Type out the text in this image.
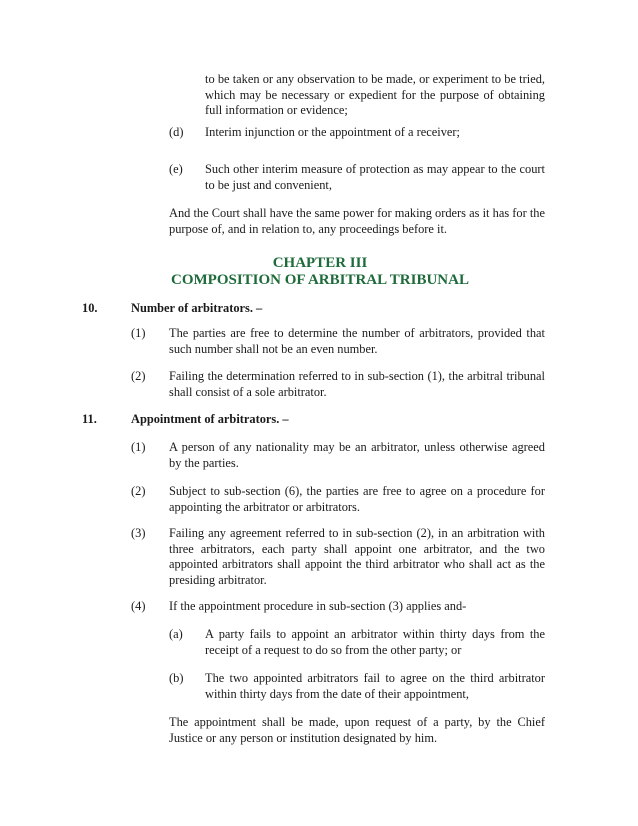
to be taken or any observation to be made, or experiment to be tried, which may be necessary or expedient for the purpose of obtaining full information or evidence;
(d) Interim injunction or the appointment of a receiver;
(e) Such other interim measure of protection as may appear to the court to be just and convenient,
And the Court shall have the same power for making orders as it has for the purpose of, and in relation to, any proceedings before it.
CHAPTER III
COMPOSITION OF ARBITRAL TRIBUNAL
10.	Number of arbitrators. –
(1) The parties are free to determine the number of arbitrators, provided that such number shall not be an even number.
(2) Failing the determination referred to in sub-section (1), the arbitral tribunal shall consist of a sole arbitrator.
11.	Appointment of arbitrators. –
(1) A person of any nationality may be an arbitrator, unless otherwise agreed by the parties.
(2) Subject to sub-section (6), the parties are free to agree on a procedure for appointing the arbitrator or arbitrators.
(3) Failing any agreement referred to in sub-section (2), in an arbitration with three arbitrators, each party shall appoint one arbitrator, and the two appointed arbitrators shall appoint the third arbitrator who shall act as the presiding arbitrator.
(4) If the appointment procedure in sub-section (3) applies and-
(a) A party fails to appoint an arbitrator within thirty days from the receipt of a request to do so from the other party; or
(b) The two appointed arbitrators fail to agree on the third arbitrator within thirty days from the date of their appointment,
The appointment shall be made, upon request of a party, by the Chief Justice or any person or institution designated by him.
